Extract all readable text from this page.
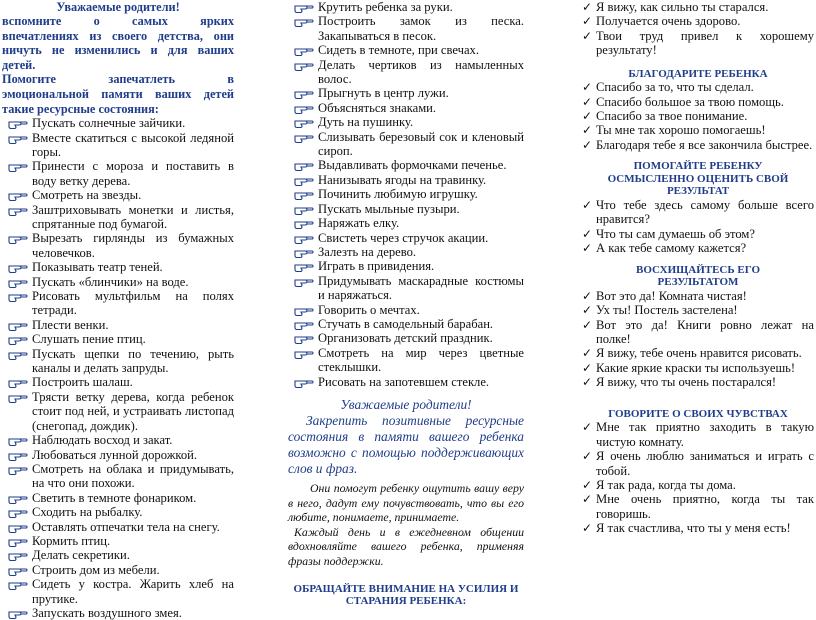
Уважаемые родители!
вспомните о самых ярких
впечатлениях из своего детства, они
ничуть не изменились и для ваших детей.
Помогите запечатлеть в
эмоциональной памяти ваших детей
такие ресурсные состояния:
Пускать солнечные зайчики.
Вместе скатиться с высокой ледяной горы.
Принести с мороза и поставить в воду ветку дерева.
Смотреть на звезды.
Заштриховывать монетки и листья, спрятанные под бумагой.
Вырезать гирлянды из бумажных человечков.
Показывать театр теней.
Пускать «блинчики» на воде.
Рисовать мультфильм на полях тетради.
Плести венки.
Слушать пение птиц.
Пускать щепки по течению, рыть каналы и делать запруды.
Построить шалаш.
Трясти ветку дерева, когда ребенок стоит под ней, и устраивать листопад (снегопад, дождик).
Наблюдать восход и закат.
Любоваться лунной дорожкой.
Смотреть на облака и придумывать, на что они похожи.
Светить в темноте фонариком.
Сходить на рыбалку.
Оставлять отпечатки тела на снегу.
Кормить птиц.
Делать секретики.
Строить дом из мебели.
Сидеть у костра. Жарить хлеб на прутике.
Запускать воздушного змея.
Крутить ребенка за руки.
Построить замок из песка. Закапываться в песок.
Сидеть в темноте, при свечах.
Делать чертиков из намыленных волос.
Прыгнуть в центр лужи.
Объясняться знаками.
Дуть на пушинку.
Слизывать березовый сок и кленовый сироп.
Выдавливать формочками печенье.
Нанизывать ягоды на травинку.
Починить любимую игрушку.
Пускать мыльные пузыри.
Наряжать елку.
Свистеть через стручок акации.
Залезть на дерево.
Играть в привидения.
Придумывать маскарадные костюмы и наряжаться.
Говорить о мечтах.
Стучать в самодельный барабан.
Организовать детский праздник.
Смотреть на мир через цветные стеклышки.
Рисовать на запотевшем стекле.
Уважаемые родители!
Закрепить позитивные ресурсные состояния в памяти вашего ребенка возможно с помощью поддерживающих слов и фраз.
Они помогут ребенку ощутить вашу веру в него, дадут ему почувствовать, что вы его любите, понимаете, принимаете.
Каждый день и в ежедневном общении вдохновляйте вашего ребенка, применяя фразы поддержки.
ОБРАЩАЙТЕ ВНИМАНИЕ НА УСИЛИЯ И СТАРАНИЯ РЕБЕНКА:
✓ Я вижу, как сильно ты старался.
✓ Получается очень здорово.
✓ Твои труд привел к хорошему результату!
БЛАГОДАРИТЕ РЕБЕНКА
✓ Спасибо за то, что ты сделал.
✓ Спасибо большое за твою помощь.
✓ Спасибо за твое понимание.
✓ Ты мне так хорошо помогаешь!
✓ Благодаря тебе я все закончила быстрее.
ПОМОГАЙТЕ РЕБЕНКУ ОСМЫСЛЕННО ОЦЕНИТЬ СВОЙ РЕЗУЛЬТАТ
✓ Что тебе здесь самому больше всего нравится?
✓ Что ты сам думаешь об этом?
✓ А как тебе самому кажется?
ВОСХИЩАЙТЕСЬ ЕГО РЕЗУЛЬТАТОМ
✓ Вот это да! Комната чистая!
✓ Ух ты! Постель застелена!
✓ Вот это да! Книги ровно лежат на полке!
✓ Я вижу, тебе очень нравится рисовать.
✓ Какие яркие краски ты используешь!
✓ Я вижу, что ты очень постарался!
ГОВОРИТЕ О СВОИХ ЧУВСТВАХ
✓ Мне так приятно заходить в такую чистую комнату.
✓ Я очень люблю заниматься и играть с тобой.
✓ Я так рада, когда ты дома.
✓ Мне очень приятно, когда ты так говоришь.
✓ Я так счастлива, что ты у меня есть!
